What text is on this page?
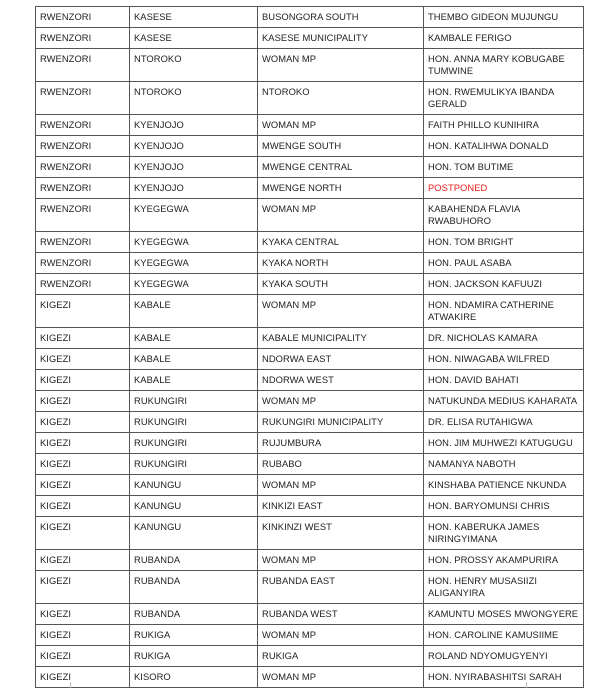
RWENZORI	KASESE	BUSONGORA SOUTH	THEMBO GIDEON MUJUNGU
RWENZORI	KASESE	KASESE MUNICIPALITY	KAMBALE FERIGO
RWENZORI	NTOROKO	WOMAN MP	HON. ANNA MARY KOBUGABE TUMWINE
RWENZORI	NTOROKO	NTOROKO	HON. RWEMULIKYA IBANDA GERALD
RWENZORI	KYENJOJO	WOMAN MP	FAITH PHILLO KUNIHIRA
RWENZORI	KYENJOJO	MWENGE SOUTH	HON. KATALIHWA DONALD
RWENZORI	KYENJOJO	MWENGE CENTRAL	HON. TOM BUTIME
RWENZORI	KYENJOJO	MWENGE NORTH	POSTPONED
RWENZORI	KYEGEGWA	WOMAN MP	KABAHENDA FLAVIA RWABUHORO
RWENZORI	KYEGEGWA	KYAKA CENTRAL	HON. TOM BRIGHT
RWENZORI	KYEGEGWA	KYAKA NORTH	HON. PAUL ASABA
RWENZORI	KYEGEGWA	KYAKA SOUTH	HON. JACKSON KAFUUZI
KIGEZI	KABALE	WOMAN MP	HON. NDAMIRA CATHERINE ATWAKIRE
KIGEZI	KABALE	KABALE MUNICIPALITY	DR. NICHOLAS KAMARA
KIGEZI	KABALE	NDORWA EAST	HON. NIWAGABA WILFRED
KIGEZI	KABALE	NDORWA WEST	HON. DAVID BAHATI
KIGEZI	RUKUNGIRI	WOMAN MP	NATUKUNDA MEDIUS KAHARATA
KIGEZI	RUKUNGIRI	RUKUNGIRI MUNICIPALITY	DR. ELISA RUTAHIGWA
KIGEZI	RUKUNGIRI	RUJUMBURA	HON. JIM MUHWEZI KATUGUGU
KIGEZI	RUKUNGIRI	RUBABO	NAMANYA NABOTH
KIGEZI	KANUNGU	WOMAN MP	KINSHABA PATIENCE NKUNDA
KIGEZI	KANUNGU	KINKIZI EAST	HON. BARYOMUNSI CHRIS
KIGEZI	KANUNGU	KINKINZI WEST	HON. KABERUKA JAMES NIRINGYIMANA
KIGEZI	RUBANDA	WOMAN MP	HON. PROSSY AKAMPURIRA
KIGEZI	RUBANDA	RUBANDA EAST	HON. HENRY MUSASIIZI ALIGANYIRA
KIGEZI	RUBANDA	RUBANDA WEST	KAMUNTU MOSES MWONGYERE
KIGEZI	RUKIGA	WOMAN MP	HON. CAROLINE KAMUSIIME
KIGEZI	RUKIGA	RUKIGA	ROLAND NDYOMUGYENYI
KIGEZI	KISORO	WOMAN MP	HON. NYIRABASHITSI SARAH
